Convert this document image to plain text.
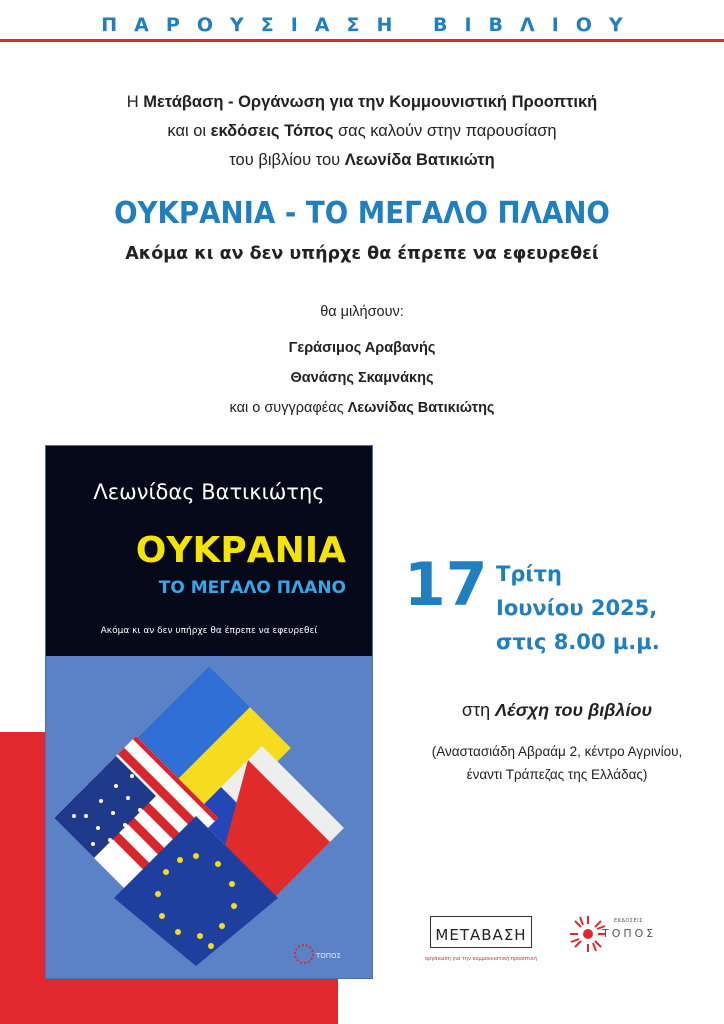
ΠΑΡΟΥΣΙΑΣΗ ΒΙΒΛΙΟΥ
Η Μετάβαση - Οργάνωση για την Κομμουνιστική Προοπτική
και οι εκδόσεις Τόπος σας καλούν στην παρουσίαση
του βιβλίου του Λεωνίδα Βατικιώτη
ΟΥΚΡΑΝΙΑ - ΤΟ ΜΕΓΑΛΟ ΠΛΑΝΟ
Ακόμα κι αν δεν υπήρχε θα έπρεπε να εφευρεθεί
θα μιλήσουν:
Γεράσιμος Αραβανής
Θανάσης Σκαμνάκης
και ο συγγραφέας Λεωνίδας Βατικιώτης
Λεωνίδας Βατικιώτης
ΟΥΚΡΑΝΙΑ
ΤΟ ΜΕΓΑΛΟ ΠΛΑΝΟ
Ακόμα κι αν δεν υπήρχε θα έπρεπε να εφευρεθεί
ΤΟΠΟΣ
17 Τρίτη
Ιουνίου 2025,
στις 8.00 μ.μ.
στη Λέσχη του βιβλίου
(Αναστασιάδη Αβραάμ 2, κέντρο Αγρινίου,
έναντι Τράπεζας της Ελλάδας)
ΜΕΤΑΒΑΣΗ
οργάνωση για την κομμουνιστική προοπτική
ΕΚΔΟΣΕΙΣ
ΤΟΠΟΣ
